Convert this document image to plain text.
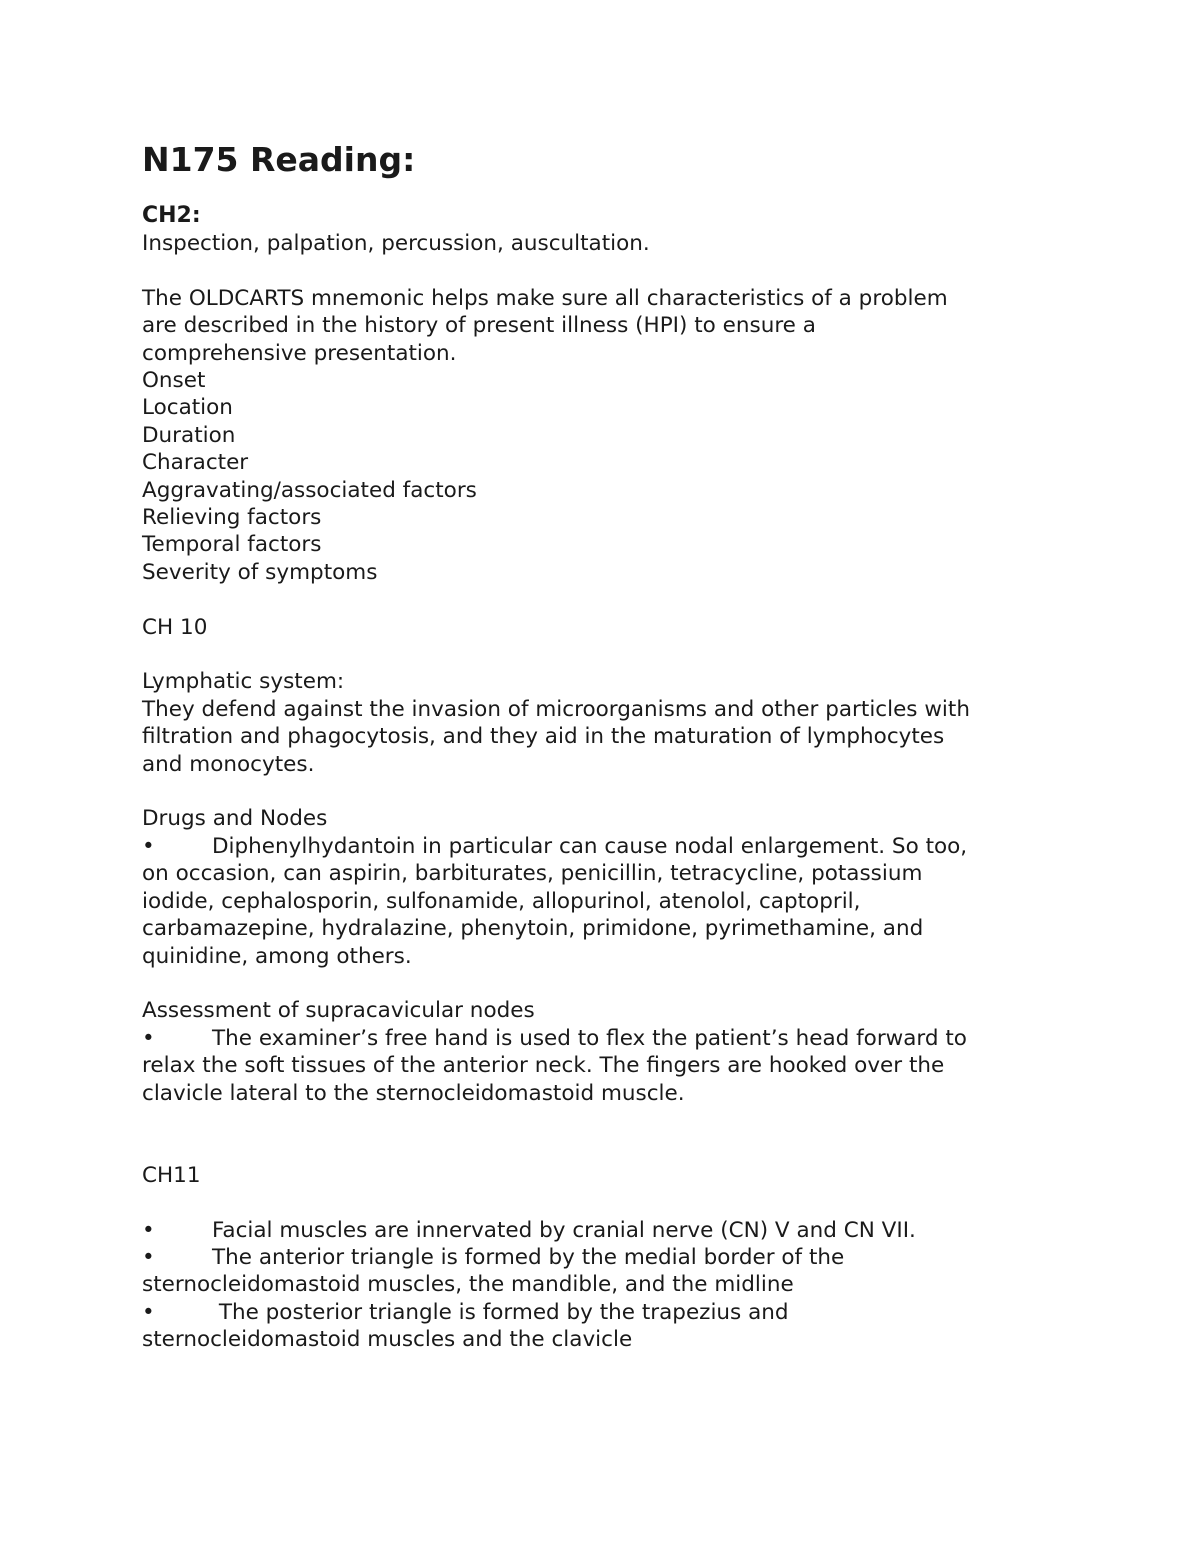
N175 Reading:
CH2:
Inspection, palpation, percussion, auscultation.
The OLDCARTS mnemonic helps make sure all characteristics of a problem
are described in the history of present illness (HPI) to ensure a
comprehensive presentation.
Onset
Location
Duration
Character
Aggravating/associated factors
Relieving factors
Temporal factors
Severity of symptoms
CH 10
Lymphatic system:
They defend against the invasion of microorganisms and other particles with
filtration and phagocytosis, and they aid in the maturation of lymphocytes
and monocytes.
Drugs and Nodes
•	Diphenylhydantoin in particular can cause nodal enlargement. So too,
on occasion, can aspirin, barbiturates, penicillin, tetracycline, potassium
iodide, cephalosporin, sulfonamide, allopurinol, atenolol, captopril,
carbamazepine, hydralazine, phenytoin, primidone, pyrimethamine, and
quinidine, among others.
Assessment of supracavicular nodes
•	The examiner’s free hand is used to flex the patient’s head forward to
relax the soft tissues of the anterior neck. The fingers are hooked over the
clavicle lateral to the sternocleidomastoid muscle.
CH11
•	Facial muscles are innervated by cranial nerve (CN) V and CN VII.
•	The anterior triangle is formed by the medial border of the
sternocleidomastoid muscles, the mandible, and the midline
•	The posterior triangle is formed by the trapezius and
sternocleidomastoid muscles and the clavicle
